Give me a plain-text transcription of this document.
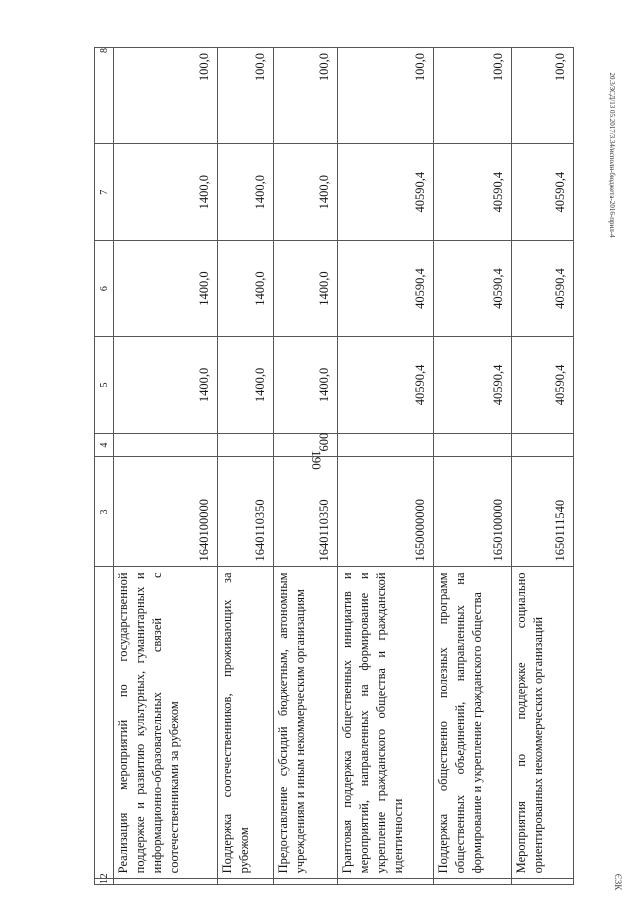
190
20.3/ЗСД/13 05.2017/3.34/исполн-бюджета-2016-прил-4
ЄЗК
1	2	3	4	5	6	7	8
	Реализация мероприятий по государственной поддержке и развитию культурных, гуманитарных и информационно-образовательных связей с соотечественниками за рубежом	1640100000		1400,0	1400,0	1400,0	100,0
	Поддержка соотечественников, проживающих за рубежом	1640110350		1400,0	1400,0	1400,0	100,0
	Предоставление субсидий бюджетным, автономным учреждениям и иным некоммерческим организациям	1640110350	600	1400,0	1400,0	1400,0	100,0
	Грантовая поддержка общественных инициатив и мероприятий, направленных на формирование и укрепление гражданского общества и гражданской идентичности	1650000000		40590,4	40590,4	40590,4	100,0
	Поддержка общественно полезных программ общественных объединений, направленных на формирование и укрепление гражданского общества	1650100000		40590,4	40590,4	40590,4	100,0
	Мероприятия по поддержке социально ориентированных некоммерческих организаций	1650111540		40590,4	40590,4	40590,4	100,0
